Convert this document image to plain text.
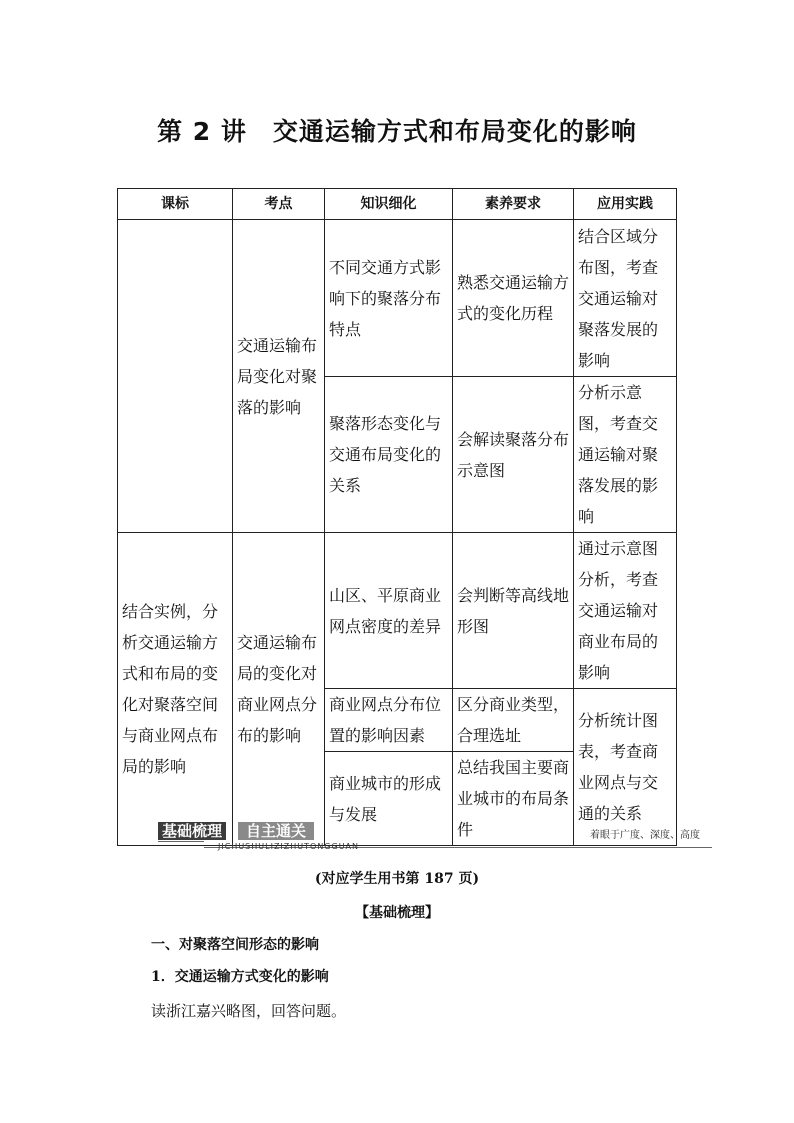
第 2 讲　交通运输方式和布局变化的影响
课标	考点	知识细化	素养要求	应用实践
	交通运输布局变化对聚落的影响	不同交通方式影响下的聚落分布特点	熟悉交通运输方式的变化历程	结合区域分布图，考查交通运输对聚落发展的影响
		聚落形态变化与交通布局变化的关系	会解读聚落分布示意图	分析示意图，考查交通运输对聚落发展的影响
结合实例，分析交通运输方式和布局的变化对聚落空间与商业网点布局的影响	交通运输布局的变化对商业网点分布的影响	山区、平原商业网点密度的差异	会判断等高线地形图	通过示意图分析，考查交通运输对商业布局的影响
		商业网点分布位置的影响因素	区分商业类型，合理选址	分析统计图表，考查商业网点与交通的关系
		商业城市的形成与发展	总结我国主要商业城市的布局条件	
基础梳理	自主通关
JICHUSHULIZIZHUTONGGUAN
着眼于广度、深度、高度
(对应学生用书第 187 页)
【基础梳理】
一、对聚落空间形态的影响
1．交通运输方式变化的影响
读浙江嘉兴略图，回答问题。
